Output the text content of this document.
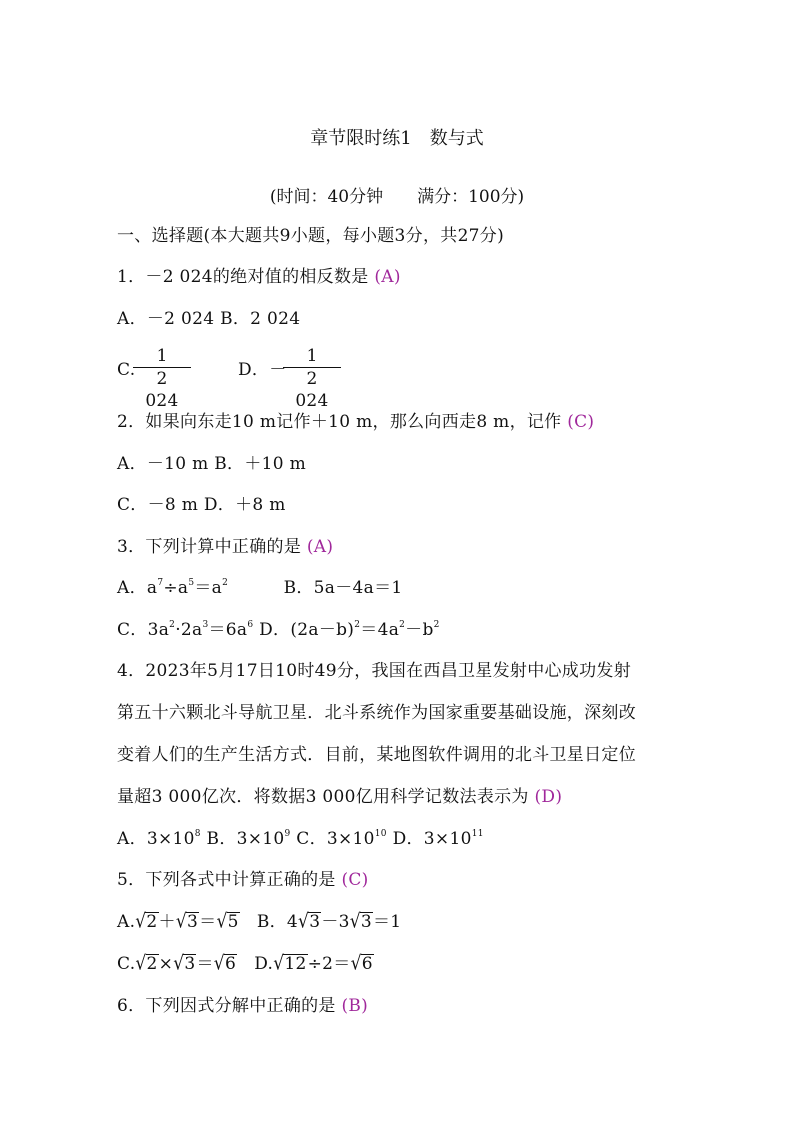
章节限时练1　数与式
(时间：40分钟　　满分：100分)
一、选择题(本大题共9小题，每小题3分，共27分)
1．－2 024的绝对值的相反数是 (A)
A．－2 024 B．2 024
C.
1
2　024
D．－
1
2　024
2．如果向东走10 m记作＋10 m，那么向西走8 m，记作 (C)
A．－10 m B．＋10 m
C．－8 m D．＋8 m
3．下列计算中正确的是 (A)
A．$a^7\div a^5=a^2$	B．5a－4a＝1
C．$3a^2\cdot 2a^3=6a^6$ D．$(2a-b)^2=4a^2-b^2$
4．2023年5月17日10时49分，我国在西昌卫星发射中心成功发射
第五十六颗北斗导航卫星．北斗系统作为国家重要基础设施，深刻改
变着人们的生产生活方式．目前，某地图软件调用的北斗卫星日定位
量超3 000亿次．将数据3 000亿用科学记数法表示为 (D)
A．$3\times 10^8$ B．$3\times 10^9$ C．$3\times 10^{10}$ D．$3\times 10^{11}$
5．下列各式中计算正确的是 (C)
A.√2＋√3＝√5 B．4√3－3√3＝1
C.√2×√3＝√6 D.√12÷2＝√6
6．下列因式分解中正确的是 (B)
